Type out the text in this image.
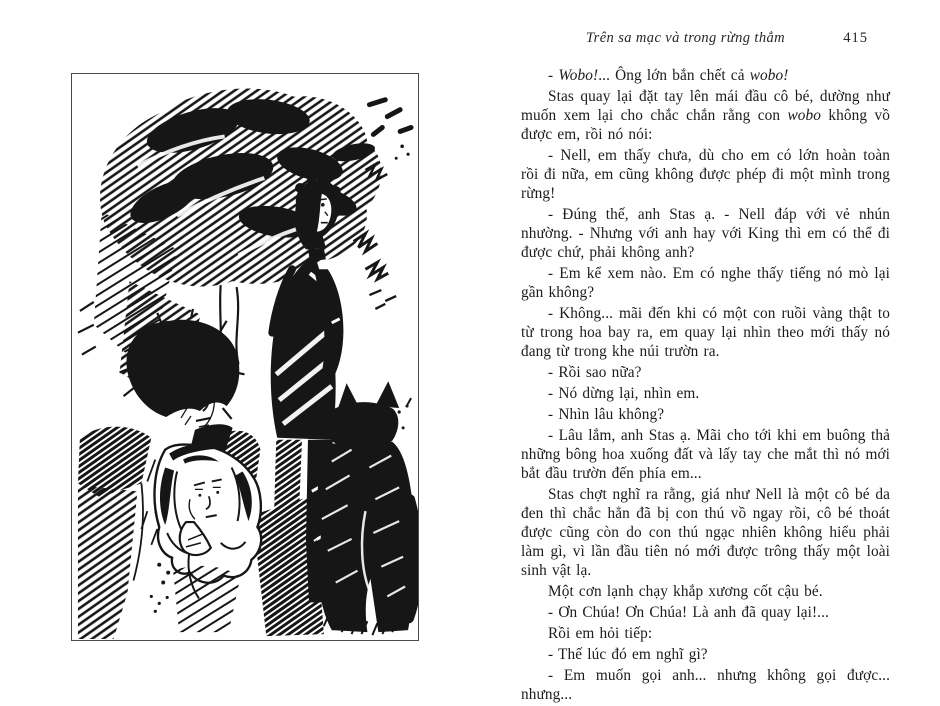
Trên sa mạc và trong rừng thẳm	415

- Wobo!... Ông lớn bắn chết cả wobo!

Stas quay lại đặt tay lên mái đầu cô bé, dường như muốn xem lại cho chắc chắn rằng con wobo không vồ được em, rồi nó nói:

- Nell, em thấy chưa, dù cho em có lớn hoàn toàn rồi đi nữa, em cũng không được phép đi một mình trong rừng!

- Đúng thế, anh Stas ạ. - Nell đáp với vẻ nhún nhường. - Nhưng với anh hay với King thì em có thể đi được chứ, phải không anh?

- Em kể xem nào. Em có nghe thấy tiếng nó mò lại gần không?

- Không... mãi đến khi có một con ruồi vàng thật to từ trong hoa bay ra, em quay lại nhìn theo mới thấy nó đang từ trong khe núi trườn ra.

- Rồi sao nữa?

- Nó dừng lại, nhìn em.

- Nhìn lâu không?

- Lâu lắm, anh Stas ạ. Mãi cho tới khi em buông thả những bông hoa xuống đất và lấy tay che mắt thì nó mới bắt đầu trườn đến phía em...

Stas chợt nghĩ ra rằng, giá như Nell là một cô bé da đen thì chắc hẳn đã bị con thú vồ ngay rồi, cô bé thoát được cũng còn do con thú ngạc nhiên không hiểu phải làm gì, vì lần đầu tiên nó mới được trông thấy một loài sinh vật lạ.

Một cơn lạnh chạy khắp xương cốt cậu bé.

- Ơn Chúa! Ơn Chúa! Là anh đã quay lại!...

Rồi em hỏi tiếp:

- Thế lúc đó em nghĩ gì?

- Em muốn gọi anh... nhưng không gọi được... nhưng...
